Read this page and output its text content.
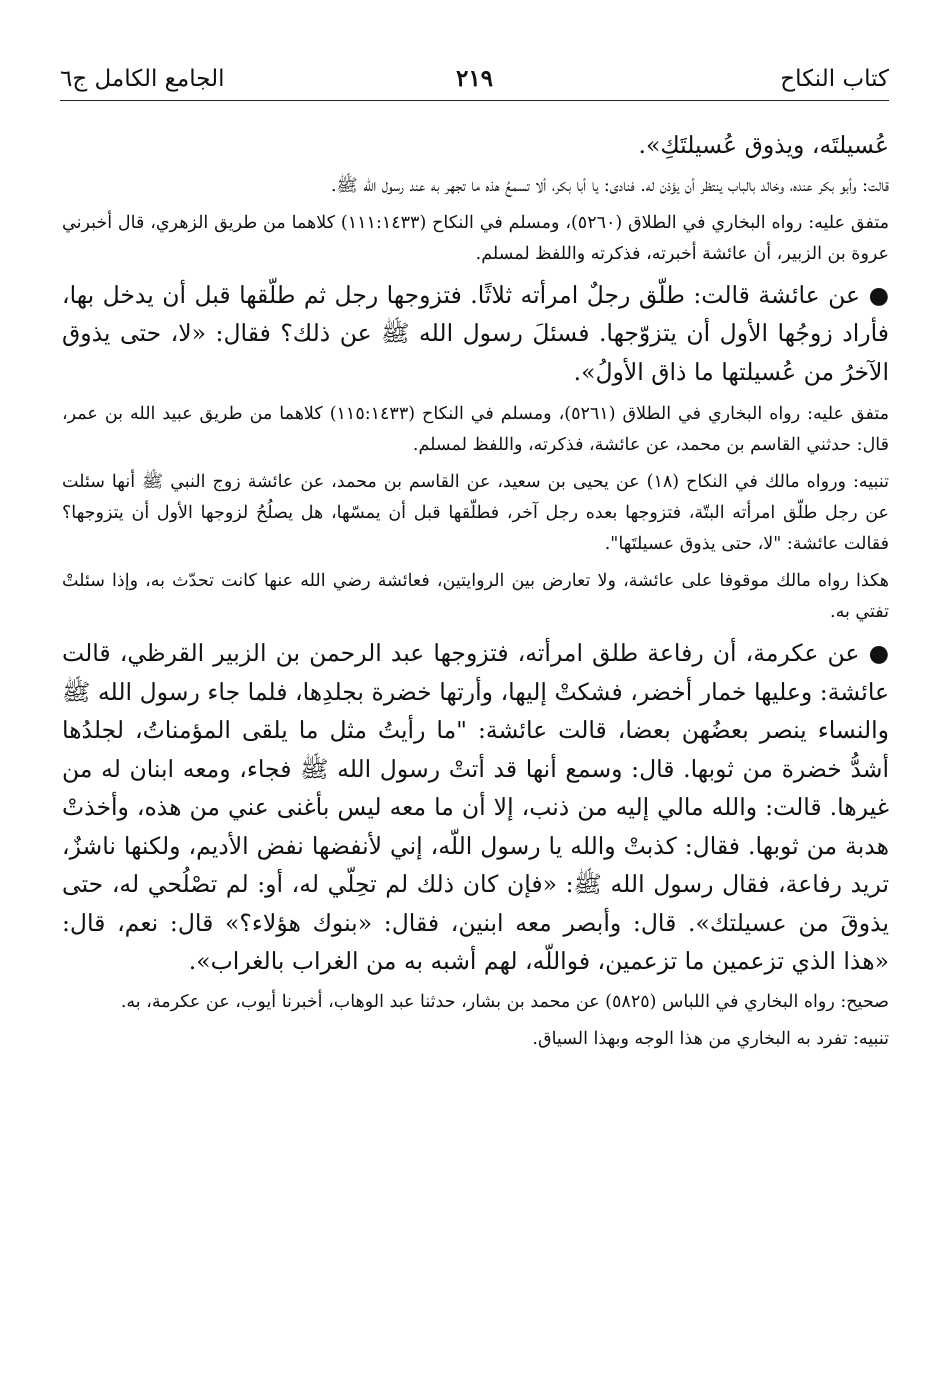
كتاب النكاح
٢١٩
الجامع الكامل ج٦

عُسيلتَه، ويذوق عُسيلتَكِ».

قالت: وأبو بكر عنده، وخالد بالباب ينتظر أن يؤذن له. فنادى: يا أبا بكر، ألا تسمعُ هذه ما تجهر به عند رسول الله ﷺ.

متفق عليه: رواه البخاري في الطلاق (٥٢٦٠)، ومسلم في النكاح (١١١:١٤٣٣) كلاهما من طريق الزهري، قال أخبرني عروة بن الزبير، أن عائشة أخبرته، فذكرته واللفظ لمسلم.

● عن عائشة قالت: طلّق رجلٌ امرأته ثلاثًا. فتزوجها رجل ثم طلّقها قبل أن يدخل بها، فأراد زوجُها الأول أن يتزوّجها. فسئلَ رسول الله ﷺ عن ذلك؟ فقال: «لا، حتى يذوق الآخرُ من عُسيلتها ما ذاق الأولُ».

متفق عليه: رواه البخاري في الطلاق (٥٢٦١)، ومسلم في النكاح (١١٥:١٤٣٣) كلاهما من طريق عبيد الله بن عمر، قال: حدثني القاسم بن محمد، عن عائشة، فذكرته، واللفظ لمسلم.

تنبيه: ورواه مالك في النكاح (١٨) عن يحيى بن سعيد، عن القاسم بن محمد، عن عائشة زوج النبي ﷺ أنها سئلت عن رجل طلّق امرأته البتّة، فتزوجها بعده رجل آخر، فطلّقها قبل أن يمسّها، هل يصلُحُ لزوجها الأول أن يتزوجها؟ فقالت عائشة: "لا، حتى يذوق عسيلتَها".

هكذا رواه مالك موقوفا على عائشة، ولا تعارض بين الروايتين، فعائشة رضي الله عنها كانت تحدّث به، وإذا سئلتْ تفتي به.

● عن عكرمة، أن رفاعة طلق امرأته، فتزوجها عبد الرحمن بن الزبير القرظي، قالت عائشة: وعليها خمار أخضر، فشكتْ إليها، وأرتها خضرة بجلدِها، فلما جاء رسول الله ﷺ والنساء ينصر بعضُهن بعضا، قالت عائشة: "ما رأيتُ مثل ما يلقى المؤمناتُ، لجلدُها أشدُّ خضرة من ثوبها. قال: وسمع أنها قد أتتْ رسول الله ﷺ فجاء، ومعه ابنان له من غيرها. قالت: والله مالي إليه من ذنب، إلا أن ما معه ليس بأغنى عني من هذه، وأخذتْ هدبة من ثوبها. فقال: كذبتْ والله يا رسول اللّه، إني لأنفضها نفض الأديم، ولكنها ناشزٌ، تريد رفاعة، فقال رسول الله ﷺ: «فإن كان ذلك لم تحِلّي له، أو: لم تصْلُحي له، حتى يذوقَ من عسيلتك». قال: وأبصر معه ابنين، فقال: «بنوك هؤلاء؟» قال: نعم، قال: «هذا الذي تزعمين ما تزعمين، فواللّه، لهم أشبه به من الغراب بالغراب».

صحيح: رواه البخاري في اللباس (٥٨٢٥) عن محمد بن بشار، حدثنا عبد الوهاب، أخبرنا أيوب، عن عكرمة، به.

تنبيه: تفرد به البخاري من هذا الوجه وبهذا السياق.
